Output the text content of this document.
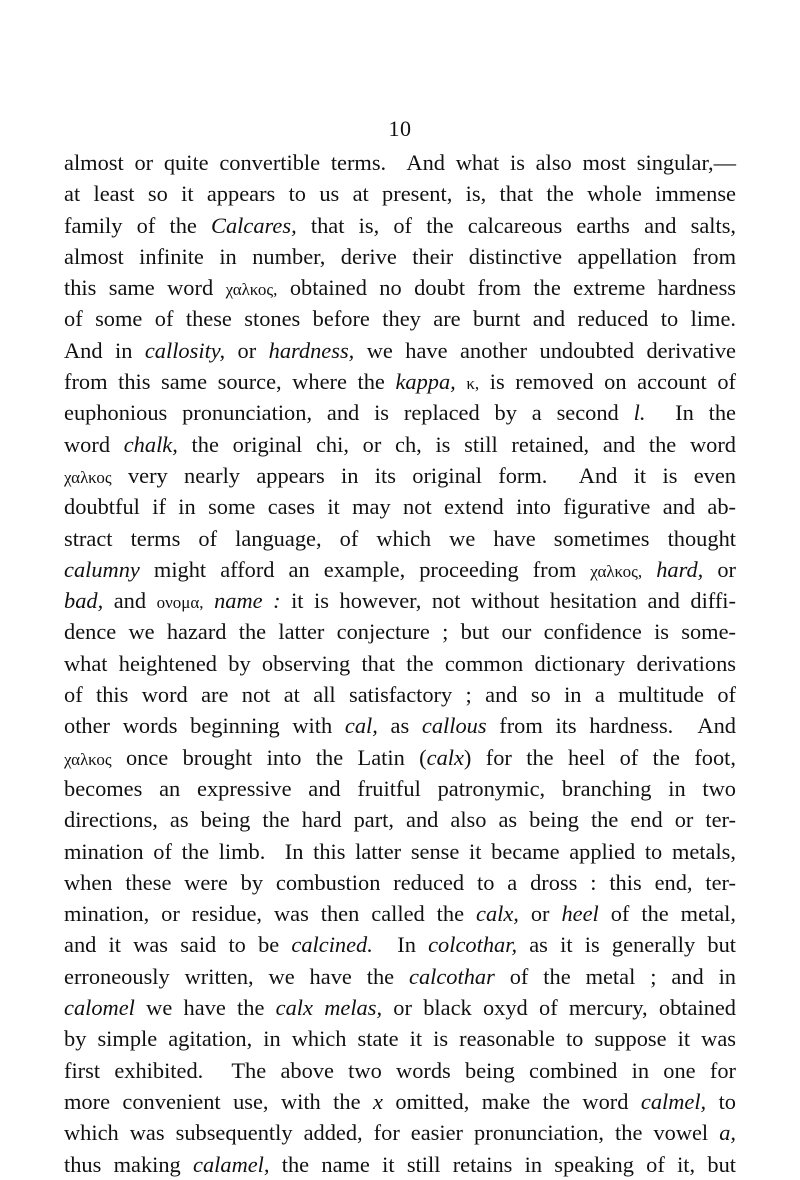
10
almost or quite convertible terms.  And what is also most singular,—
at least so it appears to us at present, is, that the whole immense
family of the Calcares, that is, of the calcareous earths and salts,
almost infinite in number, derive their distinctive appellation from
this same word χαλκος, obtained no doubt from the extreme hardness
of some of these stones before they are burnt and reduced to lime.
And in callosity, or hardness, we have another undoubted derivative
from this same source, where the kappa, κ, is removed on account of
euphonious pronunciation, and is replaced by a second l.  In the
word chalk, the original chi, or ch, is still retained, and the word
χαλκος very nearly appears in its original form.  And it is even
doubtful if in some cases it may not extend into figurative and ab-
stract terms of language, of which we have sometimes thought
calumny might afford an example, proceeding from χαλκος, hard, or
bad, and ονομα, name : it is however, not without hesitation and diffi-
dence we hazard the latter conjecture ; but our confidence is some-
what heightened by observing that the common dictionary derivations
of this word are not at all satisfactory ; and so in a multitude of
other words beginning with cal, as callous from its hardness.  And
χαλκος once brought into the Latin (calx) for the heel of the foot,
becomes an expressive and fruitful patronymic, branching in two
directions, as being the hard part, and also as being the end or ter-
mination of the limb.  In this latter sense it became applied to metals,
when these were by combustion reduced to a dross : this end, ter-
mination, or residue, was then called the calx, or heel of the metal,
and it was said to be calcined.  In colcothar, as it is generally but
erroneously written, we have the calcothar of the metal ; and in
calomel we have the calx melas, or black oxyd of mercury, obtained
by simple agitation, in which state it is reasonable to suppose it was
first exhibited.  The above two words being combined in one for
more convenient use, with the x omitted, make the word calmel, to
which was subsequently added, for easier pronunciation, the vowel a,
thus making calamel, the name it still retains in speaking of it, but
